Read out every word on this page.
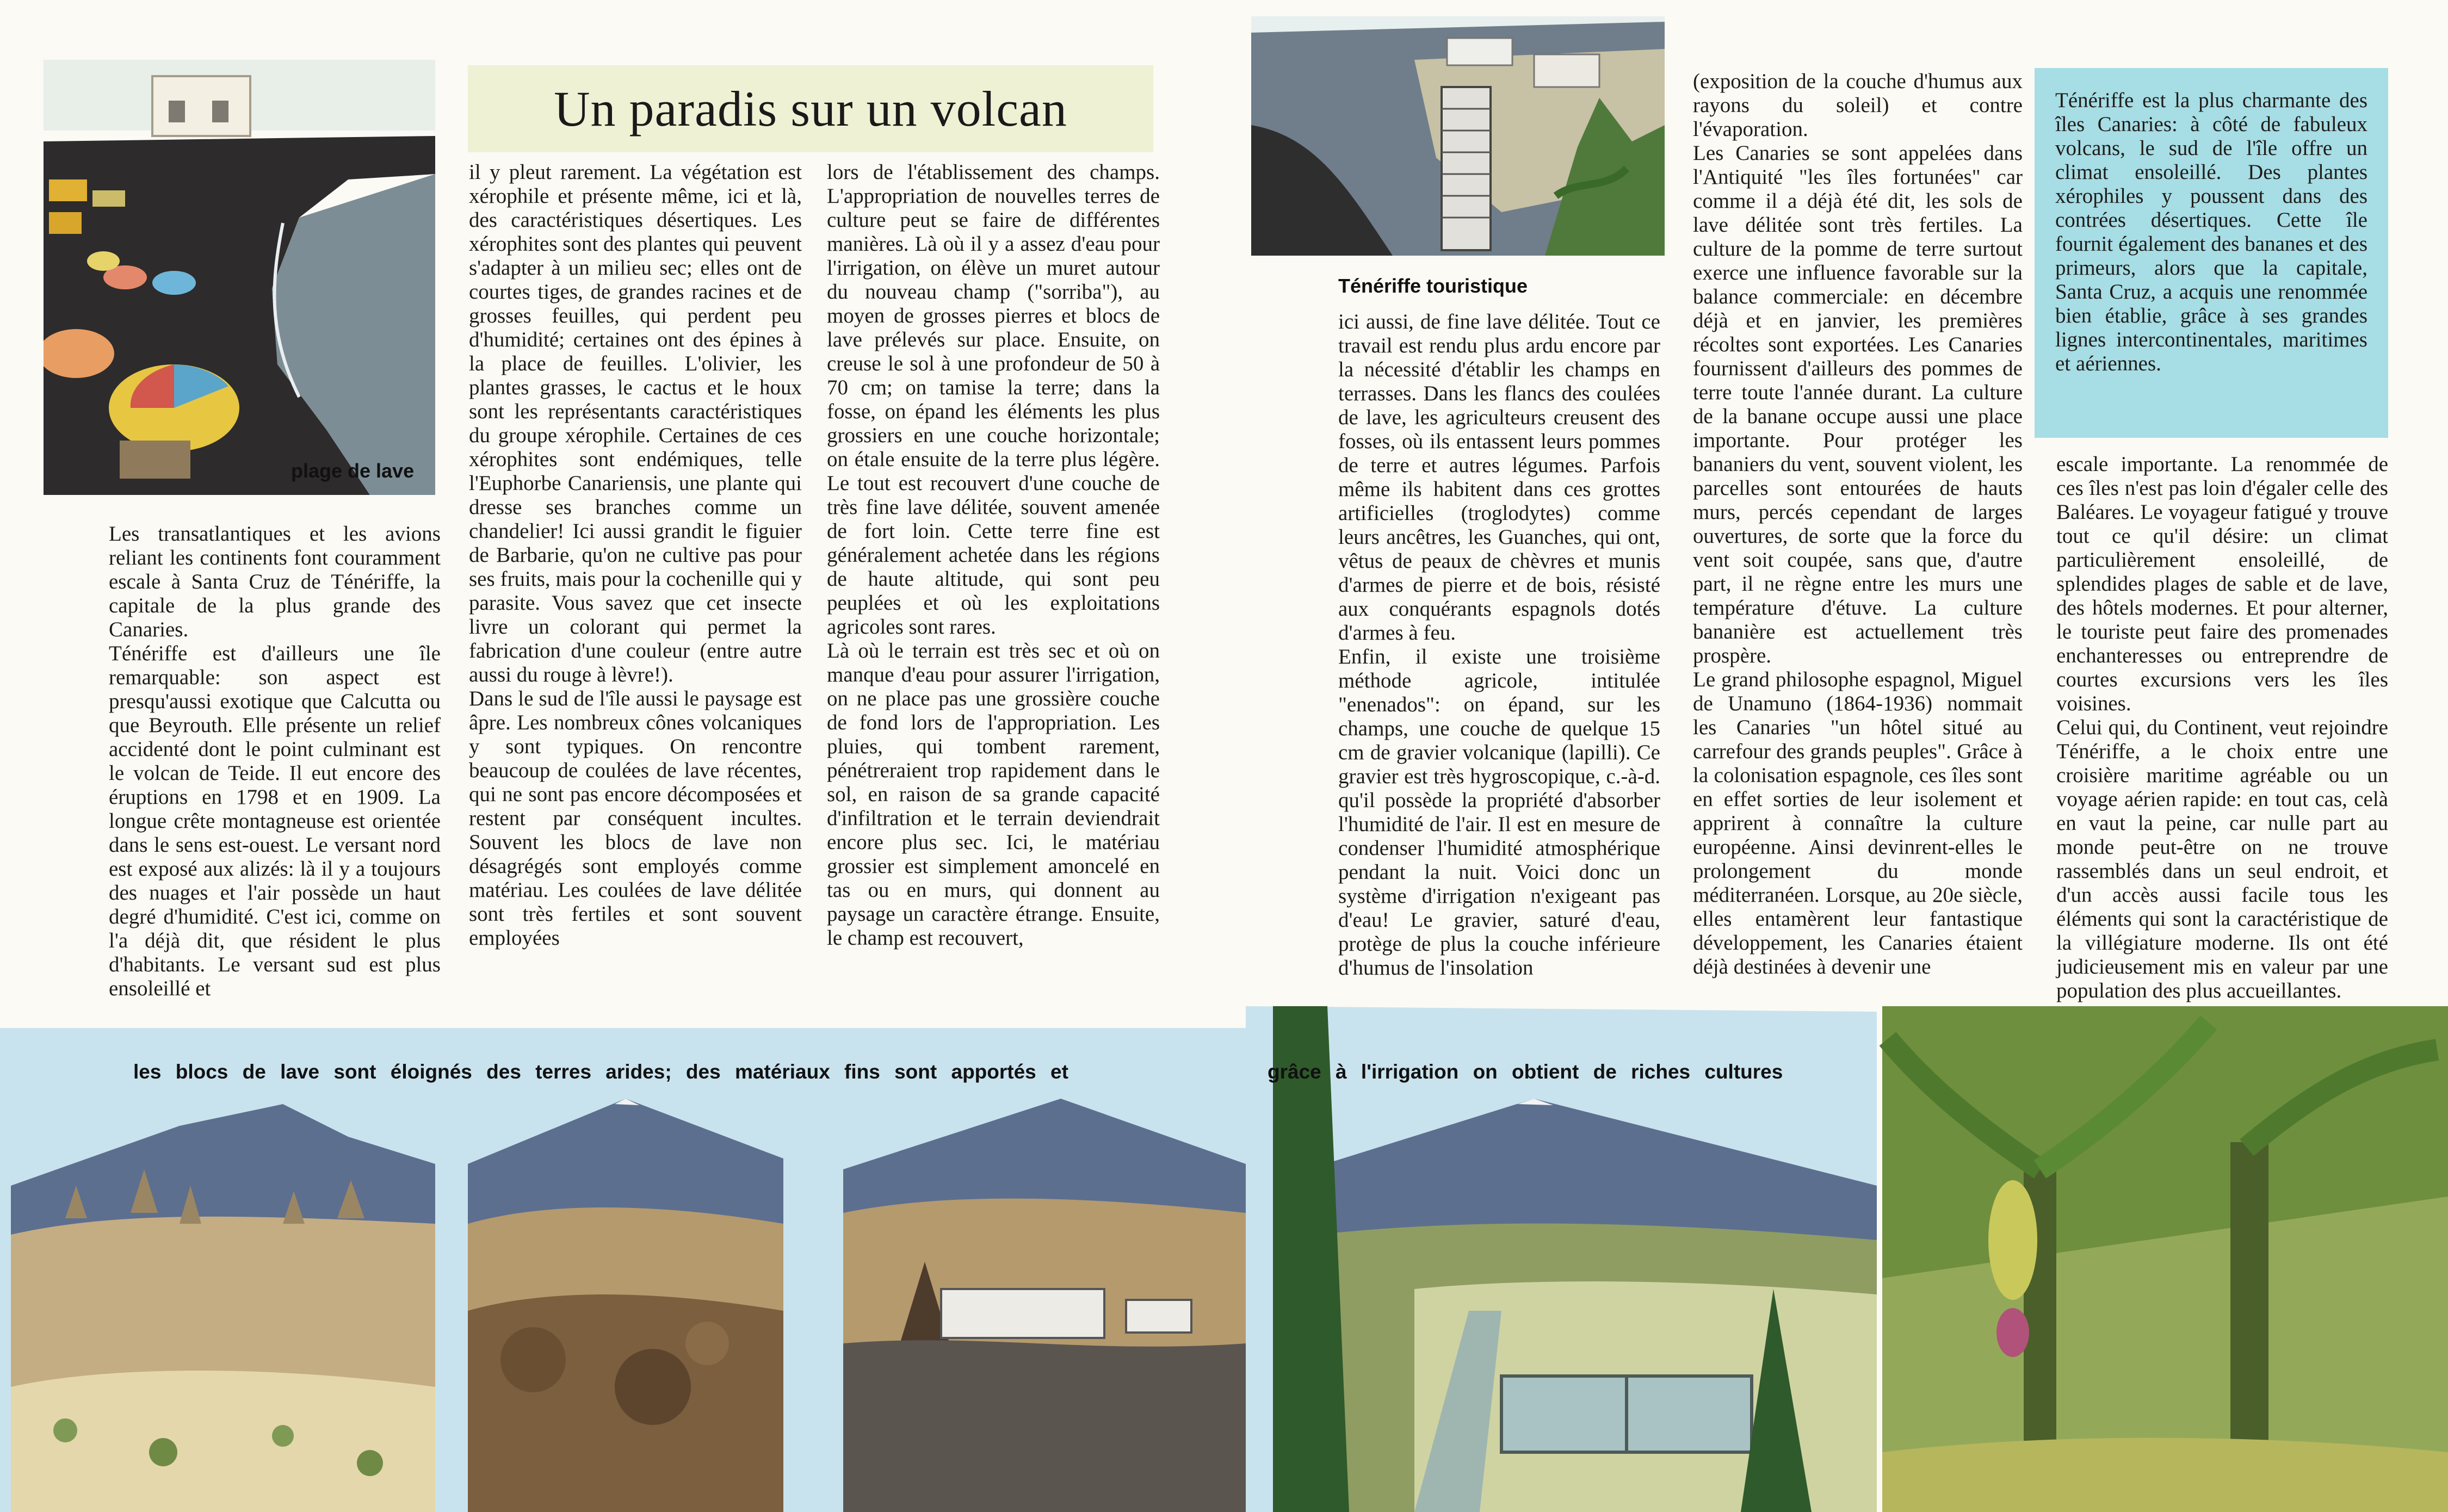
plage de lave
Un paradis sur un volcan
Ténériffe touristique
Ténériffe est la plus charmante des îles Canaries: à côté de fabuleux volcans, le sud de l'île offre un climat ensoleillé. Des plantes xérophiles y poussent dans des contrées désertiques. Cette île fournit également des bananes et des primeurs, alors que la capitale, Santa Cruz, a acquis une renommée bien établie, grâce à ses grandes lignes intercontinentales, maritimes et aériennes.

Les transatlantiques et les avions reliant les continents font couramment escale à Santa Cruz de Ténériffe, la capitale de la plus grande des Canaries.

Ténériffe est d'ailleurs une île remarquable: son aspect est presqu'aussi exotique que Calcutta ou que Beyrouth. Elle présente un relief accidenté dont le point culminant est le volcan de Teide. Il eut encore des éruptions en 1798 et en 1909. La longue crête montagneuse est orientée dans le sens est-ouest. Le versant nord est exposé aux alizés: là il y a toujours des nuages et l'air possède un haut degré d'humidité. C'est ici, comme on l'a déjà dit, que résident le plus d'habitants. Le versant sud est plus ensoleillé et

il y pleut rarement. La végétation est xérophile et présente même, ici et là, des caractéristiques désertiques. Les xérophites sont des plantes qui peuvent s'adapter à un milieu sec; elles ont de courtes tiges, de grandes racines et de grosses feuilles, qui perdent peu d'humidité; certaines ont des épines à la place de feuilles. L'olivier, les plantes grasses, le cactus et le houx sont les représentants caractéristiques du groupe xérophile. Certaines de ces xérophites sont endémiques, telle l'Euphorbe Canariensis, une plante qui dresse ses branches comme un chandelier! Ici aussi grandit le figuier de Barbarie, qu'on ne cultive pas pour ses fruits, mais pour la cochenille qui y parasite. Vous savez que cet insecte livre un colorant qui permet la fabrication d'une couleur (entre autre aussi du rouge à lèvre!).

Dans le sud de l'île aussi le paysage est âpre. Les nombreux cônes volcaniques y sont typiques. On rencontre beaucoup de coulées de lave récentes, qui ne sont pas encore décomposées et restent par conséquent incultes. Souvent les blocs de lave non désagrégés sont employés comme matériau. Les coulées de lave délitée sont très fertiles et sont souvent employées

lors de l'établissement des champs. L'appropriation de nouvelles terres de culture peut se faire de différentes manières. Là où il y a assez d'eau pour l'irrigation, on élève un muret autour du nouveau champ ("sorriba"), au moyen de grosses pierres et blocs de lave prélevés sur place. Ensuite, on creuse le sol à une profondeur de 50 à 70 cm; on tamise la terre; dans la fosse, on épand les éléments les plus grossiers en une couche horizontale; on étale ensuite de la terre plus légère. Le tout est recouvert d'une couche de très fine lave délitée, souvent amenée de fort loin. Cette terre fine est généralement achetée dans les régions de haute altitude, qui sont peu peuplées et où les exploitations agricoles sont rares.

Là où le terrain est très sec et où on manque d'eau pour assurer l'irrigation, on ne place pas une grossière couche de fond lors de l'appropriation. Les pluies, qui tombent rarement, pénétreraient trop rapidement dans le sol, en raison de sa grande capacité d'infiltration et le terrain deviendrait encore plus sec. Ici, le matériau grossier est simplement amoncelé en tas ou en murs, qui donnent au paysage un caractère étrange. Ensuite, le champ est recouvert,

ici aussi, de fine lave délitée. Tout ce travail est rendu plus ardu encore par la nécessité d'établir les champs en terrasses. Dans les flancs des coulées de lave, les agriculteurs creusent des fosses, où ils entassent leurs pommes de terre et autres légumes. Parfois même ils habitent dans ces grottes artificielles (troglodytes) comme leurs ancêtres, les Guanches, qui ont, vêtus de peaux de chèvres et munis d'armes de pierre et de bois, résisté aux conquérants espagnols dotés d'armes à feu.

Enfin, il existe une troisième méthode agricole, intitulée "enenados": on épand, sur les champs, une couche de quelque 15 cm de gravier volcanique (lapilli). Ce gravier est très hygroscopique, c.-à-d. qu'il possède la propriété d'absorber l'humidité de l'air. Il est en mesure de condenser l'humidité atmosphérique pendant la nuit. Voici donc un système d'irrigation n'exigeant pas d'eau! Le gravier, saturé d'eau, protège de plus la couche inférieure d'humus de l'insolation

(exposition de la couche d'humus aux rayons du soleil) et contre l'évaporation.

Les Canaries se sont appelées dans l'Antiquité "les îles fortunées" car comme il a déjà été dit, les sols de lave délitée sont très fertiles. La culture de la pomme de terre surtout exerce une influence favorable sur la balance commerciale: en décembre déjà et en janvier, les premières récoltes sont exportées. Les Canaries fournissent d'ailleurs des pommes de terre toute l'année durant. La culture de la banane occupe aussi une place importante. Pour protéger les bananiers du vent, souvent violent, les parcelles sont entourées de hauts murs, percés cependant de larges ouvertures, de sorte que la force du vent soit coupée, sans que, d'autre part, il ne règne entre les murs une température d'étuve. La culture bananière est actuellement très prospère.

Le grand philosophe espagnol, Miguel de Unamuno (1864-1936) nommait les Canaries "un hôtel situé au carrefour des grands peuples". Grâce à la colonisation espagnole, ces îles sont en effet sorties de leur isolement et apprirent à connaître la culture européenne. Ainsi devinrent-elles le prolongement du monde méditerranéen. Lorsque, au 20e siècle, elles entamèrent leur fantastique développement, les Canaries étaient déjà destinées à devenir une

escale importante. La renommée de ces îles n'est pas loin d'égaler celle des Baléares. Le voyageur fatigué y trouve tout ce qu'il désire: un climat particulièrement ensoleillé, de splendides plages de sable et de lave, des hôtels modernes. Et pour alterner, le touriste peut faire des promenades enchanteresses ou entreprendre de courtes excursions vers les îles voisines.

Celui qui, du Continent, veut rejoindre Ténériffe, a le choix entre une croisière maritime agréable ou un voyage aérien rapide: en tout cas, celà en vaut la peine, car nulle part au monde peut-être on ne trouve rassemblés dans un seul endroit, et d'un accès aussi facile tous les éléments qui sont la caractéristique de la villégiature moderne. Ils ont été judicieusement mis en valeur par une population des plus accueillantes.

les blocs de lave sont éloignés des terres arides; des matériaux fins sont apportés et	grâce à l'irrigation on obtient de riches cultures
